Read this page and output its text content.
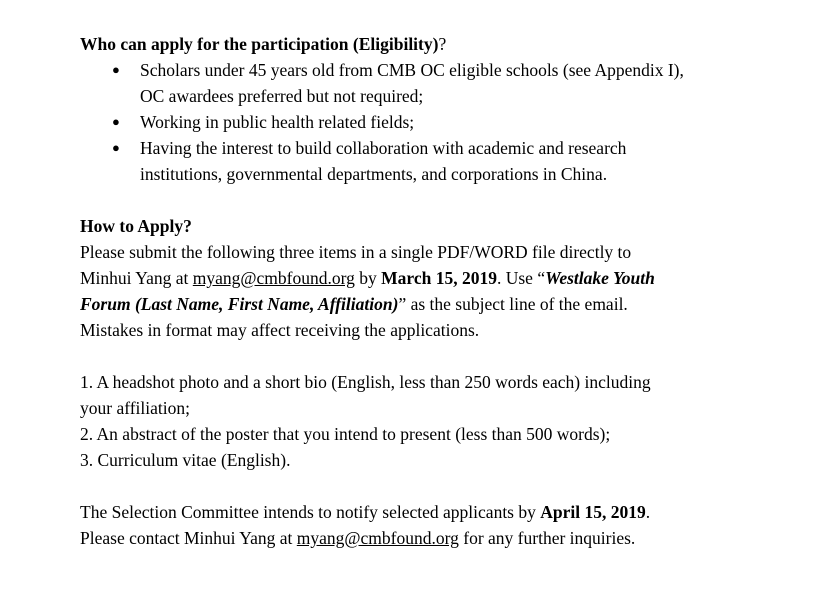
Who can apply for the participation (Eligibility)?
● Scholars under 45 years old from CMB OC eligible schools (see Appendix I),
OC awardees preferred but not required;
● Working in public health related fields;
● Having the interest to build collaboration with academic and research
institutions, governmental departments, and corporations in China.
How to Apply?
Please submit the following three items in a single PDF/WORD file directly to
Minhui Yang at myang@cmbfound.org by March 15, 2019. Use “Westlake Youth
Forum (Last Name, First Name, Affiliation)” as the subject line of the email.
Mistakes in format may affect receiving the applications.
1. A headshot photo and a short bio (English, less than 250 words each) including
your affiliation;
2. An abstract of the poster that you intend to present (less than 500 words);
3. Curriculum vitae (English).
The Selection Committee intends to notify selected applicants by April 15, 2019.
Please contact Minhui Yang at myang@cmbfound.org for any further inquiries.
